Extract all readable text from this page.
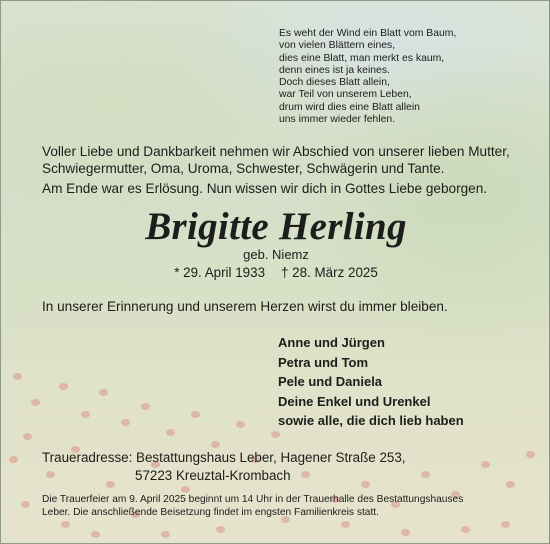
Es weht der Wind ein Blatt vom Baum,
von vielen Blättern eines,
dies eine Blatt, man merkt es kaum,
denn eines ist ja keines.
Doch dieses Blatt allein,
war Teil von unserem Leben,
drum wird dies eine Blatt allein
uns immer wieder fehlen.

Voller Liebe und Dankbarkeit nehmen wir Abschied von unserer lieben Mutter,

Schwiegermutter, Oma, Uroma, Schwester, Schwägerin und Tante.

Am Ende war es Erlösung. Nun wissen wir dich in Gottes Liebe geborgen.

Brigitte Herling
geb. Niemz
* 29. April 1933 † 28. März 2025
In unserer Erinnerung und unserem Herzen wirst du immer bleiben.
Anne und Jürgen
Petra und Tom
Pele und Daniela
Deine Enkel und Urenkel
sowie alle, die dich lieb haben
Traueradresse: Bestattungshaus Leber, Hagener Straße 253,
57223 Kreuztal-Krombach
Die Trauerfeier am 9. April 2025 beginnt um 14 Uhr in der Trauerhalle des Bestattungshauses
Leber. Die anschließende Beisetzung findet im engsten Familienkreis statt.
